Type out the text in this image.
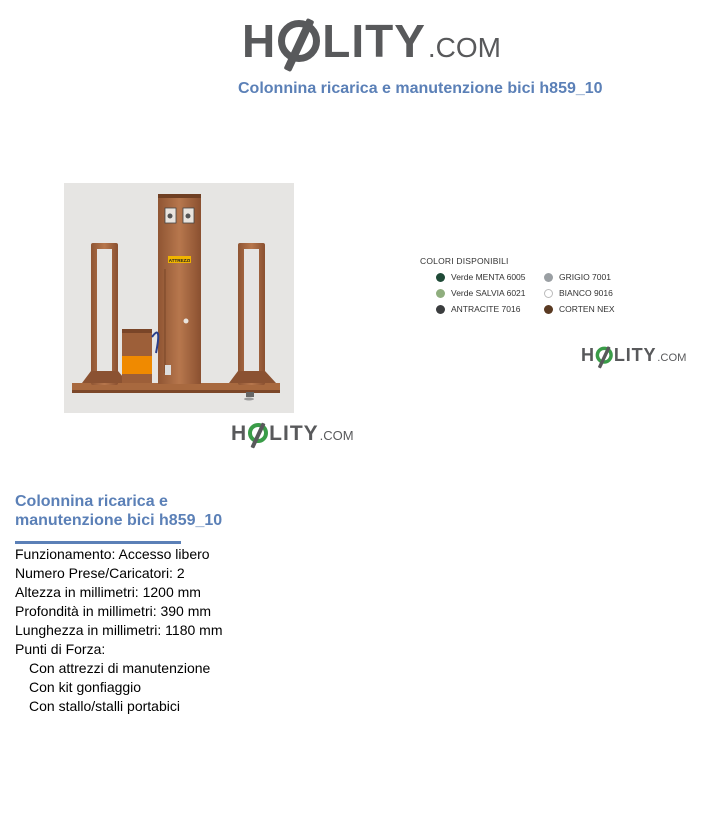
H LITY .COM
Colonnina ricarica e manutenzione bici h859_10
ATTREZZI
H LITY .COM
COLORI DISPONIBILI
Verde MENTA 6005
Verde SALVIA 6021
ANTRACITE 7016
GRIGIO 7001
BIANCO 9016
CORTEN NEX
H LITY .COM
Colonnina ricarica e manutenzione bici h859_10
Funzionamento: Accesso libero
Numero Prese/Caricatori: 2
Altezza in millimetri: 1200 mm
Profondità in millimetri: 390 mm
Lunghezza in millimetri: 1180 mm
Punti di Forza:
Con attrezzi di manutenzione
Con kit gonfiaggio
Con stallo/stalli portabici
